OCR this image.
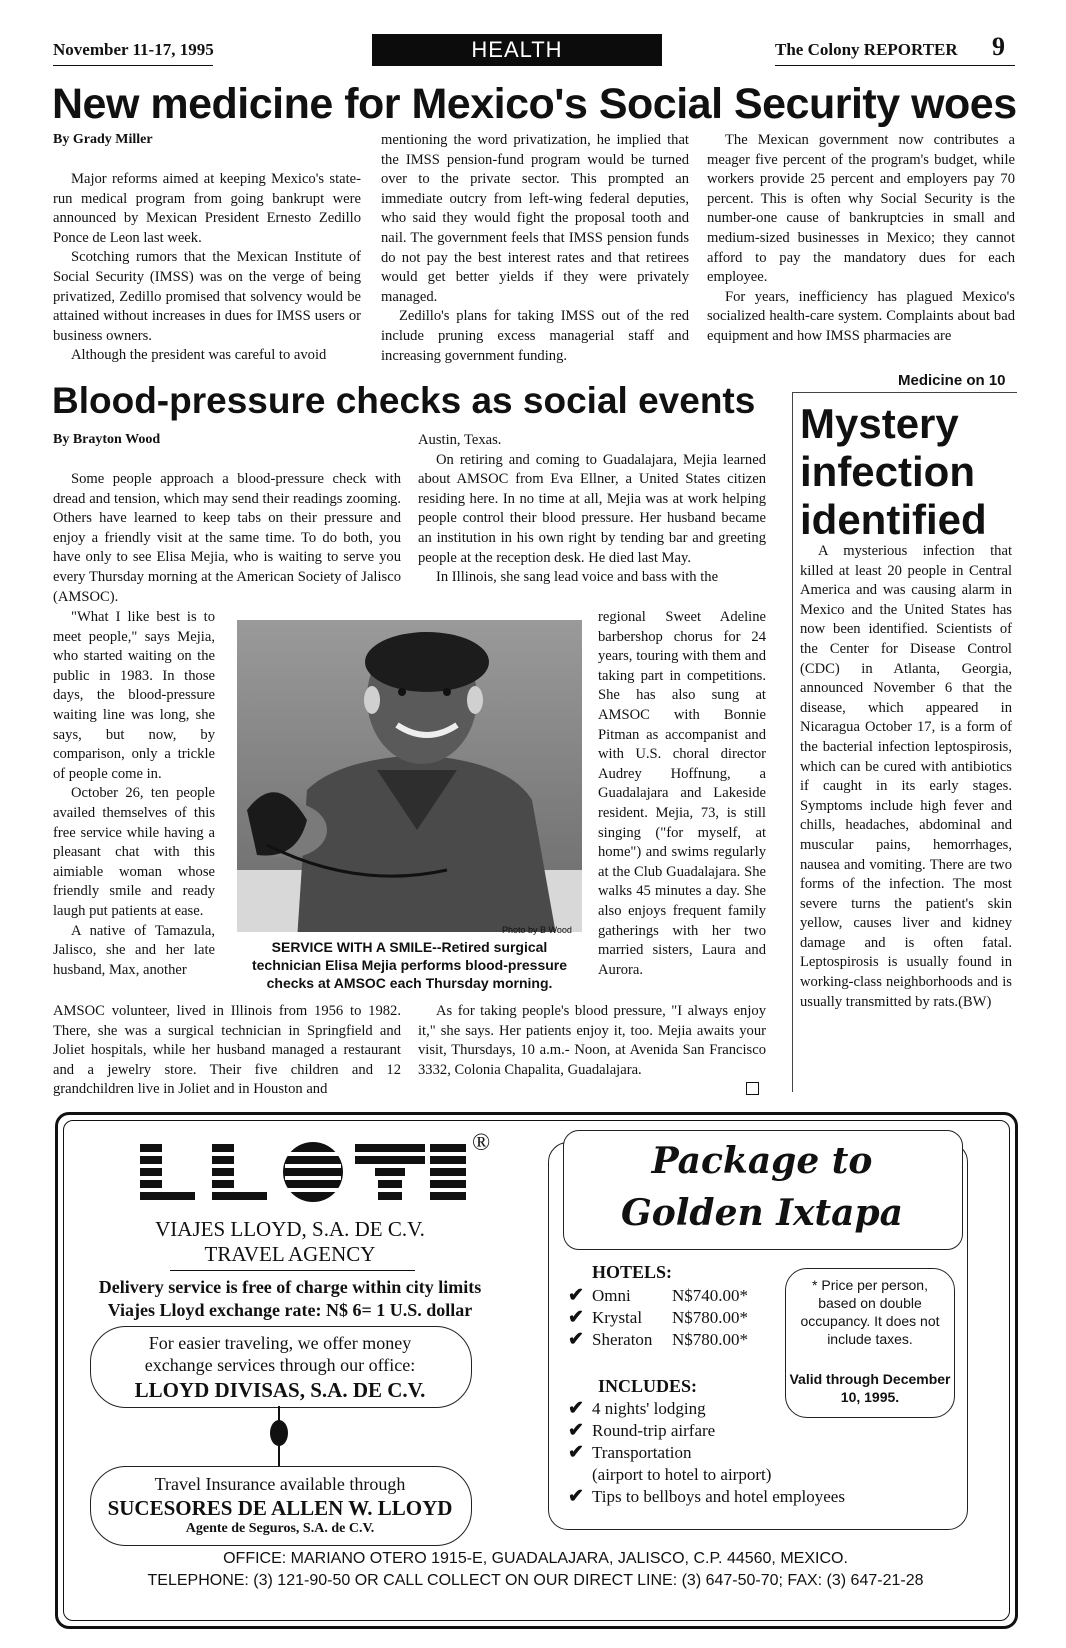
November 11-17, 1995	HEALTH	The Colony REPORTER 9
New medicine for Mexico's Social Security woes
By Grady Miller

Major reforms aimed at keeping Mexico's state-run medical program from going bankrupt were announced by Mexican President Ernesto Zedillo Ponce de Leon last week.

Scotching rumors that the Mexican Institute of Social Security (IMSS) was on the verge of being privatized, Zedillo promised that solvency would be attained without increases in dues for IMSS users or business owners.

Although the president was careful to avoid

mentioning the word privatization, he implied that the IMSS pension-fund program would be turned over to the private sector. This prompted an immediate outcry from left-wing federal deputies, who said they would fight the proposal tooth and nail. The government feels that IMSS pension funds do not pay the best interest rates and that retirees would get better yields if they were privately managed.

Zedillo's plans for taking IMSS out of the red include pruning excess managerial staff and increasing government funding.

The Mexican government now contributes a meager five percent of the program's budget, while workers provide 25 percent and employers pay 70 percent. This is often why Social Security is the number-one cause of bankruptcies in small and medium-sized businesses in Mexico; they cannot afford to pay the mandatory dues for each employee.

For years, inefficiency has plagued Mexico's socialized health-care system. Complaints about bad equipment and how IMSS pharmacies are

Medicine on 10
Blood-pressure checks as social events
By Brayton Wood

Some people approach a blood-pressure check with dread and tension, which may send their readings zooming. Others have learned to keep tabs on their pressure and enjoy a friendly visit at the same time. To do both, you have only to see Elisa Mejia, who is waiting to serve you every Thursday morning at the American Society of Jalisco (AMSOC).

"What I like best is to meet people," says Mejia, who started waiting on the public in 1983. In those days, the blood-pressure waiting line was long, she says, but now, by comparison, only a trickle of people come in.

October 26, ten people availed themselves of this free service while having a pleasant chat with this aimiable woman whose friendly smile and ready laugh put patients at ease.

A native of Tamazula, Jalisco, she and her late husband, Max, another

AMSOC volunteer, lived in Illinois from 1956 to 1982. There, she was a surgical technician in Springfield and Joliet hospitals, while her husband managed a restaurant and a jewelry store. Their five children and 12 grandchildren live in Joliet and in Houston and

Austin, Texas.

On retiring and coming to Guadalajara, Mejia learned about AMSOC from Eva Ellner, a United States citizen residing here. In no time at all, Mejia was at work helping people control their blood pressure. Her husband became an institution in his own right by tending bar and greeting people at the reception desk. He died last May.

In Illinois, she sang lead voice and bass with the

regional Sweet Adeline barbershop chorus for 24 years, touring with them and taking part in competitions. She has also sung at AMSOC with Bonnie Pitman as accompanist and with U.S. choral director Audrey Hoffnung, a Guadalajara and Lakeside resident. Mejia, 73, is still singing ("for myself, at home") and swims regularly at the Club Guadalajara. She walks 45 minutes a day. She also enjoys frequent family gatherings with her two married sisters, Laura and Aurora.

As for taking people's blood pressure, "I always enjoy it," she says. Her patients enjoy it, too. Mejia awaits your visit, Thursdays, 10 a.m.- Noon, at Avenida San Francisco 3332, Colonia Chapalita, Guadalajara.

Photo by B Wood
SERVICE WITH A SMILE--Retired surgical technician Elisa Mejia performs blood-pressure checks at AMSOC each Thursday morning.
Mystery
infection
identified

A mysterious infection that killed at least 20 people in Central America and was causing alarm in Mexico and the United States has now been identified. Scientists of the Center for Disease Control (CDC) in Atlanta, Georgia, announced November 6 that the disease, which appeared in Nicaragua October 17, is a form of the bacterial infection leptospirosis, which can be cured with antibiotics if caught in its early stages. Symptoms include high fever and chills, headaches, abdominal and muscular pains, hemorrhages, nausea and vomiting. There are two forms of the infection. The most severe turns the patient's skin yellow, causes liver and kidney damage and is often fatal. Leptospirosis is usually found in working-class neighborhoods and is usually transmitted by rats.(BW)

®
VIAJES LLOYD, S.A. DE C.V.
TRAVEL AGENCY
Delivery service is free of charge within city limits
Viajes Lloyd exchange rate: N$ 6= 1 U.S. dollar
For easier traveling, we offer money exchange services through our office:
LLOYD DIVISAS, S.A. DE C.V.
Travel Insurance available through
SUCESORES DE ALLEN W. LLOYD
Agente de Seguros, S.A. de C.V.
Package to
Golden Ixtapa
HOTELS:
✔ Omni N$740.00*
✔ Krystal N$780.00*
✔ Sheraton N$780.00*
* Price per person, based on double occupancy. It does not include taxes.
Valid through December 10, 1995.
INCLUDES:
✔ 4 nights' lodging
✔ Round-trip airfare
✔ Transportation
(airport to hotel to airport)
✔ Tips to bellboys and hotel employees
OFFICE: MARIANO OTERO 1915-E, GUADALAJARA, JALISCO, C.P. 44560, MEXICO.
TELEPHONE: (3) 121-90-50 OR CALL COLLECT ON OUR DIRECT LINE: (3) 647-50-70; FAX: (3) 647-21-28
